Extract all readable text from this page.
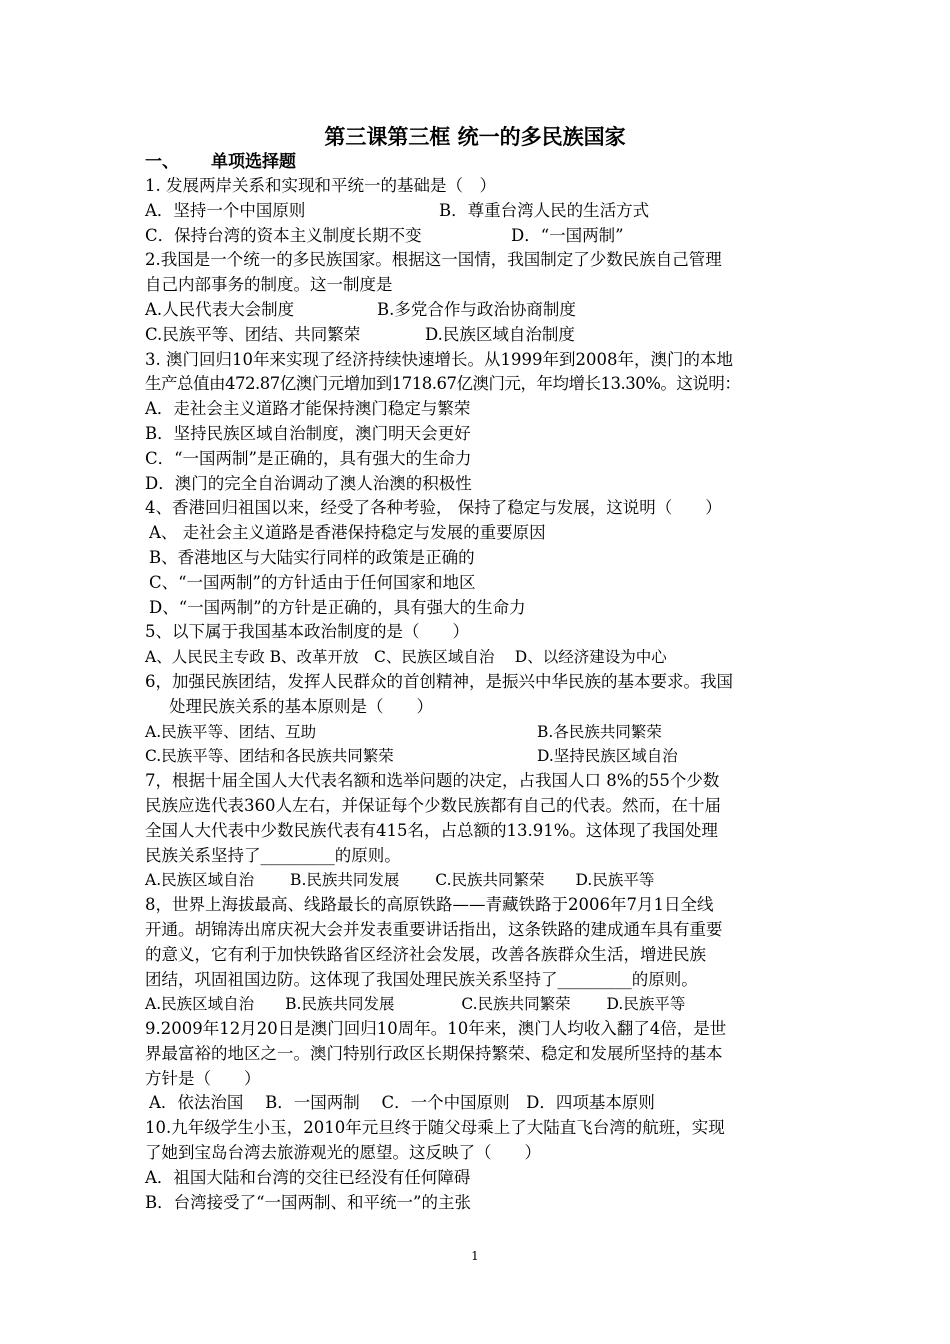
第三课第三框 统一的多民族国家
一、 单项选择题
1. 发展两岸关系和实现和平统一的基础是（　）
A．坚持一个中国原则	B．尊重台湾人民的生活方式
C．保持台湾的资本主义制度长期不变	D．“一国两制”
2.我国是一个统一的多民族国家。根据这一国情，我国制定了少数民族自己管理
自己内部事务的制度。这一制度是
A.人民代表大会制度	B.多党合作与政治协商制度
C.民族平等、团结、共同繁荣	D.民族区域自治制度
3. 澳门回归10年来实现了经济持续快速增长。从1999年到2008年，澳门的本地
生产总值由472.87亿澳门元增加到1718.67亿澳门元，年均增长13.30%。这说明：
A．走社会主义道路才能保持澳门稳定与繁荣
B．坚持民族区域自治制度，澳门明天会更好
C．“一国两制”是正确的，具有强大的生命力
D．澳门的完全自治调动了澳人治澳的积极性
4、香港回归祖国以来，经受了各种考验， 保持了稳定与发展，这说明（　　）
A、 走社会主义道路是香港保持稳定与发展的重要原因
B、香港地区与大陆实行同样的政策是正确的
C、“一国两制”的方针适由于任何国家和地区
D、“一国两制”的方针是正确的，具有强大的生命力
5、以下属于我国基本政治制度的是（　　）
A、人民民主专政 B、改革开放　C、民族区域自治　 D、以经济建设为中心
6，加强民族团结，发挥人民群众的首创精神，是振兴中华民族的基本要求。我国
处理民族关系的基本原则是（　　）
A.民族平等、团结、互助	B.各民族共同繁荣
C.民族平等、团结和各民族共同繁荣	D.坚持民族区域自治
7，根据十届全国人大代表名额和选举问题的决定，占我国人口 8%的55个少数
民族应选代表360人左右，并保证每个少数民族都有自己的代表。然而，在十届
全国人大代表中少数民族代表有415名，占总额的13.91%。这体现了我国处理
民族关系坚持了_________的原则。
A.民族区域自治　　 B.民族共同发展　　 C.民族共同繁荣　　D.民族平等
8，世界上海拔最高、线路最长的高原铁路——青藏铁路于2006年7月1日全线
开通。胡锦涛出席庆祝大会并发表重要讲话指出，这条铁路的建成通车具有重要
的意义，它有利于加快铁路省区经济社会发展，改善各族群众生活，增进民族
团结，巩固祖国边防。这体现了我国处理民族关系坚持了_________的原则。
A.民族区域自治　　B.民族共同发展　　　　 C.民族共同繁荣　　 D.民族平等
9.2009年12月20日是澳门回归10周年。10年来，澳门人均收入翻了4倍，是世
界最富裕的地区之一。澳门特别行政区长期保持繁荣、稳定和发展所坚持的基本
方针是（　　）
A．依法治国　 B．一国两制　 C．一个中国原则　D．四项基本原则
10.九年级学生小玉，2010年元旦终于随父母乘上了大陆直飞台湾的航班，实现
了她到宝岛台湾去旅游观光的愿望。这反映了（　　）
A．祖国大陆和台湾的交往已经没有任何障碍
B．台湾接受了“一国两制、和平统一”的主张
1
